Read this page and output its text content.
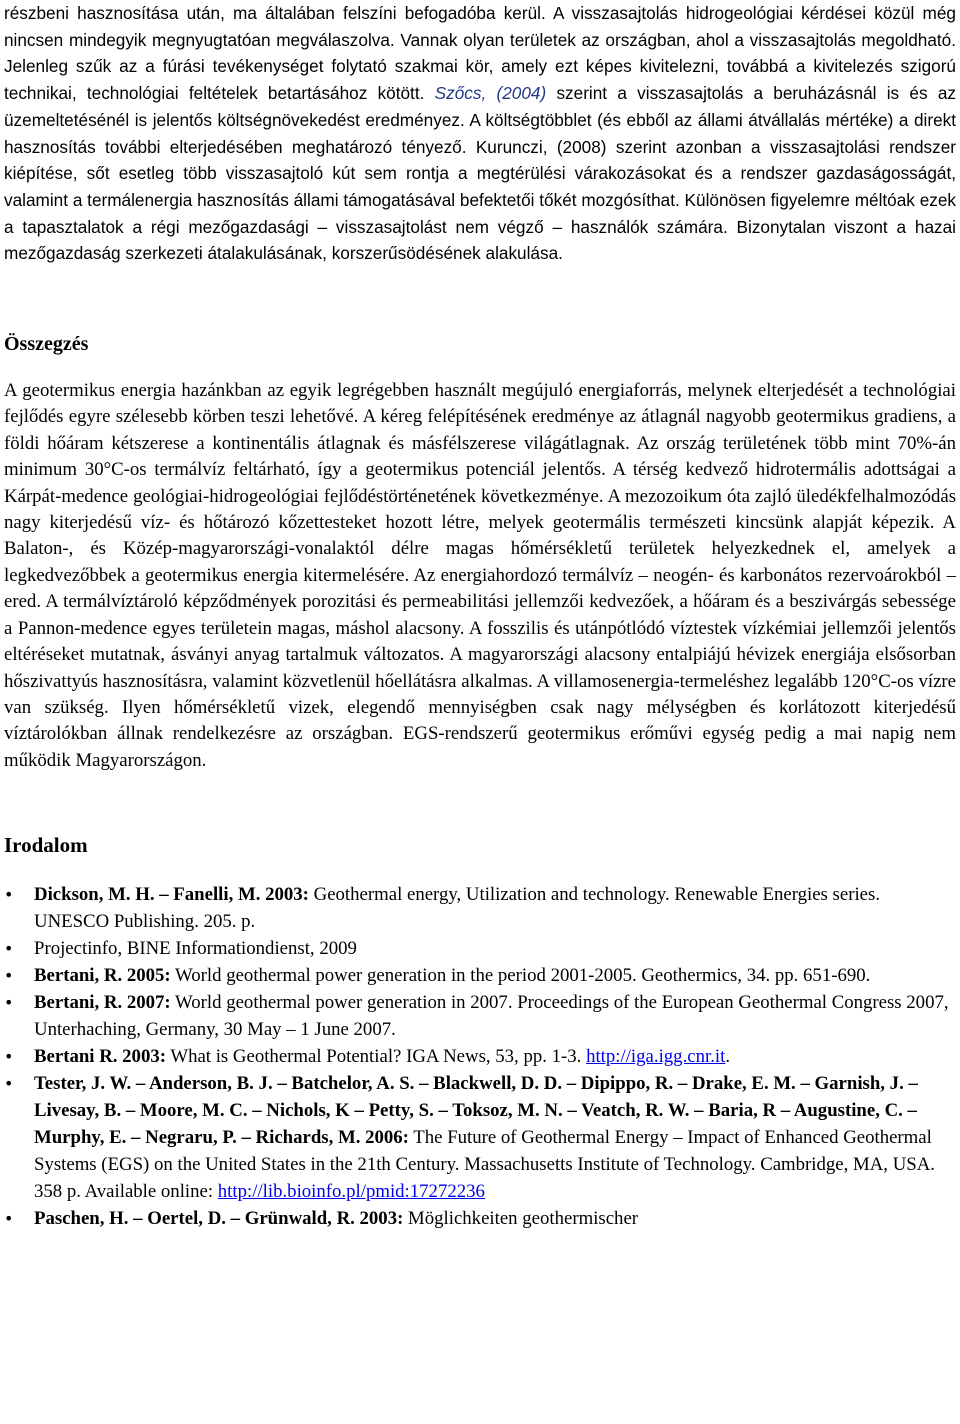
részbeni hasznosítása után, ma általában felszíni befogadóba kerül. A visszasajtolás hidrogeológiai kérdései közül még nincsen mindegyik megnyugtatóan megválaszolva. Vannak olyan területek az országban, ahol a visszasajtolás megoldható. Jelenleg szűk az a fúrási tevékenységet folytató szakmai kör, amely ezt képes kivitelezni, továbbá a kivitelezés szigorú technikai, technológiai feltételek betartásához kötött. Szőcs, (2004) szerint a visszasajtolás a beruházásnál is és az üzemeltetésénél is jelentős költségnövekedést eredményez. A költségtöbblet (és ebből az állami átvállalás mértéke) a direkt hasznosítás további elterjedésében meghatározó tényező. Kurunczi, (2008) szerint azonban a visszasajtolási rendszer kiépítése, sőt esetleg több visszasajtoló kút sem rontja a megtérülési várakozásokat és a rendszer gazdaságosságát, valamint a termálenergia hasznosítás állami támogatásával befektetői tőkét mozgósíthat. Különösen figyelemre méltóak ezek a tapasztalatok a régi mezőgazdasági – visszasajtolást nem végző – használók számára. Bizonytalan viszont a hazai mezőgazdaság szerkezeti átalakulásának, korszerűsödésének alakulása.

Összegzés

A geotermikus energia hazánkban az egyik legrégebben használt megújuló energiaforrás, melynek elterjedését a technológiai fejlődés egyre szélesebb körben teszi lehetővé. A kéreg felépítésének eredménye az átlagnál nagyobb geotermikus gradiens, a földi hőáram kétszerese a kontinentális átlagnak és másfélszerese világátlagnak. Az ország területének több mint 70%-án minimum 30°C-os termálvíz feltárható, így a geotermikus potenciál jelentős. A térség kedvező hidrotermális adottságai a Kárpát-medence geológiai-hidrogeológiai fejlődéstörténetének következménye. A mezozoikum óta zajló üledékfelhalmozódás nagy kiterjedésű víz- és hőtározó kőzettesteket hozott létre, melyek geotermális természeti kincsünk alapját képezik. A Balaton-, és Közép-magyarországi-vonalaktól délre magas hőmérsékletű területek helyezkednek el, amelyek a legkedvezőbbek a geotermikus energia kitermelésére. Az energiahordozó termálvíz – neogén- és karbonátos rezervoárokból – ered. A termálvíztároló képződmények porozitási és permeabilitási jellemzői kedvezőek, a hőáram és a beszivárgás sebessége a Pannon-medence egyes területein magas, máshol alacsony. A fosszilis és utánpótlódó víztestek vízkémiai jellemzői jelentős eltéréseket mutatnak, ásványi anyag tartalmuk változatos. A magyarországi alacsony entalpiájú hévizek energiája elsősorban hőszivattyús hasznosításra, valamint közvetlenül hőellátásra alkalmas. A villamosenergia-termeléshez legalább 120°C-os vízre van szükség. Ilyen hőmérsékletű vizek, elegendő mennyiségben csak nagy mélységben és korlátozott kiterjedésű víztárolókban állnak rendelkezésre az országban. EGS-rendszerű geotermikus erőművi egység pedig a mai napig nem működik Magyarországon.

Irodalom
• Dickson, M. H. – Fanelli, M. 2003: Geothermal energy, Utilization and technology. Renewable Energies series. UNESCO Publishing. 205. p.
• Projectinfo, BINE Informationdienst, 2009
• Bertani, R. 2005: World geothermal power generation in the period 2001-2005. Geothermics, 34. pp. 651-690.
• Bertani, R. 2007: World geothermal power generation in 2007. Proceedings of the European Geothermal Congress 2007, Unterhaching, Germany, 30 May – 1 June 2007.
• Bertani R. 2003: What is Geothermal Potential? IGA News, 53, pp. 1-3. http://iga.igg.cnr.it.
• Tester, J. W. – Anderson, B. J. – Batchelor, A. S. – Blackwell, D. D. – Dipippo, R. – Drake, E. M. – Garnish, J. – Livesay, B. – Moore, M. C. – Nichols, K – Petty, S. – Toksoz, M. N. – Veatch, R. W. – Baria, R – Augustine, C. – Murphy, E. – Negraru, P. – Richards, M. 2006: The Future of Geothermal Energy – Impact of Enhanced Geothermal Systems (EGS) on the United States in the 21th Century. Massachusetts Institute of Technology. Cambridge, MA, USA. 358 p. Available online: http://lib.bioinfo.pl/pmid:17272236
• Paschen, H. – Oertel, D. – Grünwald, R. 2003: Möglichkeiten geothermischer
